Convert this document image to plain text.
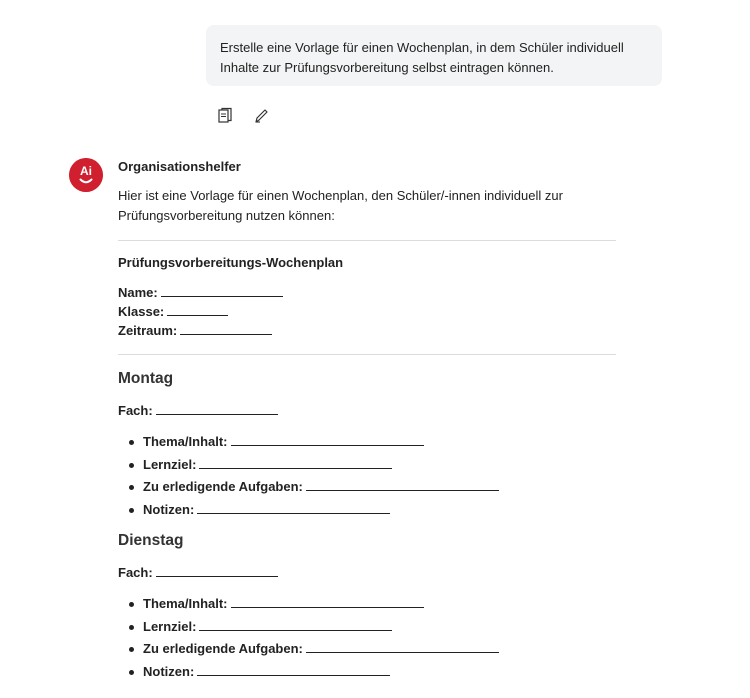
Erstelle eine Vorlage für einen Wochenplan, in dem Schüler individuell
Inhalte zur Prüfungsvorbereitung selbst eintragen können.
Ai Organisationshelfer
Hier ist eine Vorlage für einen Wochenplan, den Schüler/-innen individuell zur
Prüfungsvorbereitung nutzen können:
Prüfungsvorbereitungs-Wochenplan
Name:
Klasse:
Zeitraum:
Montag
Fach:
Thema/Inhalt:
Lernziel:
Zu erledigende Aufgaben:
Notizen:
Dienstag
Fach:
Thema/Inhalt:
Lernziel:
Zu erledigende Aufgaben:
Notizen:
